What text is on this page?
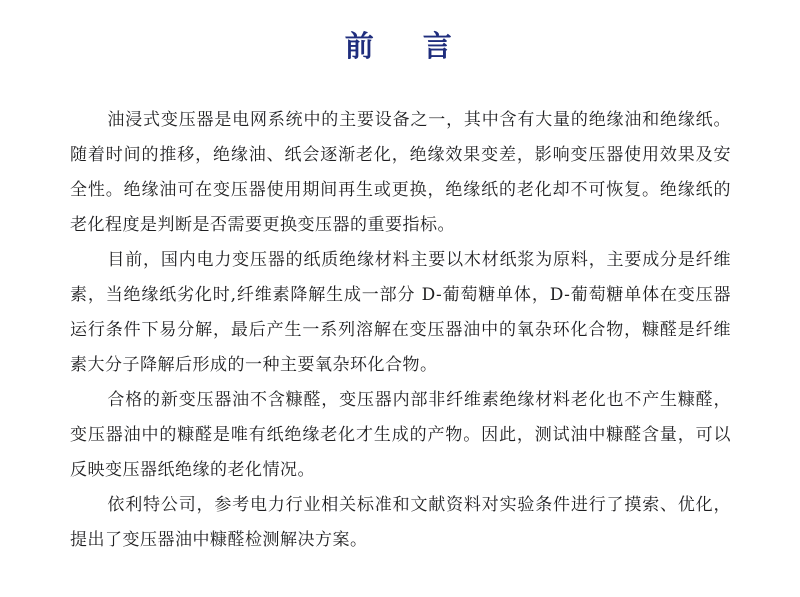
前 言

油浸式变压器是电网系统中的主要设备之一，其中含有大量的绝缘油和绝缘纸。随着时间的推移，绝缘油、纸会逐渐老化，绝缘效果变差，影响变压器使用效果及安全性。绝缘油可在变压器使用期间再生或更换，绝缘纸的老化却不可恢复。绝缘纸的老化程度是判断是否需要更换变压器的重要指标。

目前，国内电力变压器的纸质绝缘材料主要以木材纸浆为原料，主要成分是纤维素，当绝缘纸劣化时,纤维素降解生成一部分 D-葡萄糖单体，D-葡萄糖单体在变压器运行条件下易分解，最后产生一系列溶解在变压器油中的氧杂环化合物，糠醛是纤维素大分子降解后形成的一种主要氧杂环化合物。

合格的新变压器油不含糠醛，变压器内部非纤维素绝缘材料老化也不产生糠醛，变压器油中的糠醛是唯有纸绝缘老化才生成的产物。因此，测试油中糠醛含量，可以反映变压器纸绝缘的老化情况。

依利特公司，参考电力行业相关标准和文献资料对实验条件进行了摸索、优化，提出了变压器油中糠醛检测解决方案。
